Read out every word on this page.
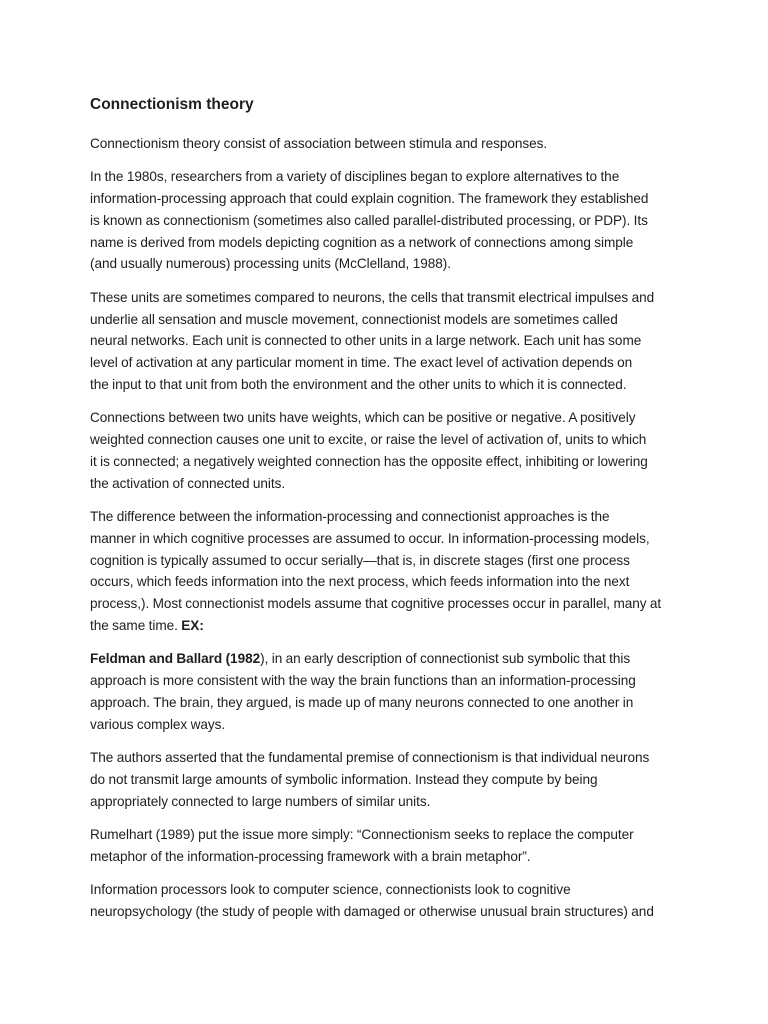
Connectionism theory
Connectionism theory consist of association between stimula and responses.
In the 1980s, researchers from a variety of disciplines began to explore alternatives to the
information-processing approach that could explain cognition. The framework they established
is known as connectionism (sometimes also called parallel-distributed processing, or PDP). Its
name is derived from models depicting cognition as a network of connections among simple
(and usually numerous) processing units (McClelland, 1988).
These units are sometimes compared to neurons, the cells that transmit electrical impulses and
underlie all sensation and muscle movement, connectionist models are sometimes called
neural networks. Each unit is connected to other units in a large network. Each unit has some
level of activation at any particular moment in time. The exact level of activation depends on
the input to that unit from both the environment and the other units to which it is connected.
Connections between two units have weights, which can be positive or negative. A positively
weighted connection causes one unit to excite, or raise the level of activation of, units to which
it is connected; a negatively weighted connection has the opposite effect, inhibiting or lowering
the activation of connected units.
The difference between the information-processing and connectionist approaches is the
manner in which cognitive processes are assumed to occur. In information-processing models,
cognition is typically assumed to occur serially—that is, in discrete stages (first one process
occurs, which feeds information into the next process, which feeds information into the next
process,). Most connectionist models assume that cognitive processes occur in parallel, many at
the same time. EX:
Feldman and Ballard (1982), in an early description of connectionist sub symbolic that this
approach is more consistent with the way the brain functions than an information-processing
approach. The brain, they argued, is made up of many neurons connected to one another in
various complex ways.
The authors asserted that the fundamental premise of connectionism is that individual neurons
do not transmit large amounts of symbolic information. Instead they compute by being
appropriately connected to large numbers of similar units.
Rumelhart (1989) put the issue more simply: “Connectionism seeks to replace the computer
metaphor of the information-processing framework with a brain metaphor”.
Information processors look to computer science, connectionists look to cognitive
neuropsychology (the study of people with damaged or otherwise unusual brain structures) and
